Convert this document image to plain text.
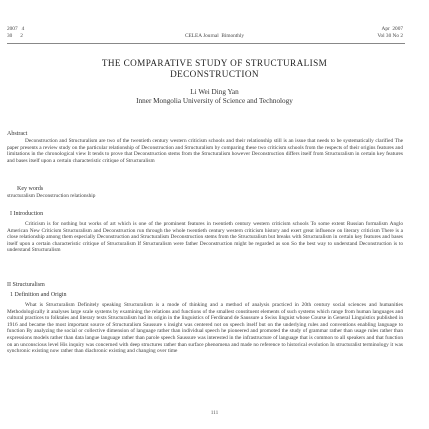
2007   4
30      2	CELEA Journal  Bimonthly
Apr  2007
Vol 30 No 2
THE COMPARATIVE STUDY OF STRUCTURALISM
DECONSTRUCTION
Li Wei Ding Yan
Inner Mongolia University of Science and Technology

Abstract

Deconstruction and Structuralism are two of the twentieth century western criticism schools and their relationship still is an issue that needs to be systematically clarified The paper presents a review study on the particular relationship of Deconstruction and Structuralism by comparing these two criticism schools from the respects of their origins features and limitations in the chronological view It tends to prove that Deconstruction stems from the Structuralism however Deconstruction differs itself from Structuralism in certain key features and bases itself upon a certain characteristic critique of Structuralism

Key words

structuralism Deconstruction relationship

I Introduction

Criticism is for nothing but works of art which is one of the prominent features in twentieth century western criticism schools To some extent Russian formalism Anglo American New Criticism Structuralism and Deconstruction run through the whole twentieth century western criticism history and exert great influence on literary criticism There is a close relationship among them especially Deconstruction and Structuralism Deconstruction stems from the Structuralism but breaks with Structuralism in certain key features and bases itself upon a certain characteristic critique of Structuralism If Structuralism were father Deconstruction might be regarded as son So the best way to understand Deconstruction is to understand Structuralism

II Structuralism

1 Definition and Origin

What is Structuralism Definitely speaking Structuralism is a mode of thinking and a method of analysis practiced in 20th century social sciences and humanities Methodologically it analyses large scale systems by examining the relations and functions of the smallest constituent elements of such systems which range from human languages and cultural practices to folktales and literary texts Structuralism had its origin in the linguistics of Ferdinand de Saussure a Swiss linguist whose Course in General Linguistics published in 1916 and became the most important source of Structuralism Saussure s insight was centered not on speech itself but on the underlying rules and conventions enabling language to function By analyzing the social or collective dimension of language rather than individual speech he pioneered and promoted the study of grammar rather than usage rules rather than expressions models rather than data langue language rather than parole speech Saussure was interested in the infrastructure of language that is common to all speakers and that function on an unconscious level His inquiry was concerned with deep structures rather than surface phenomena and made no reference to historical evolution In structuralist terminology it was synchronic existing now rather than diachronic existing and changing over time

111
